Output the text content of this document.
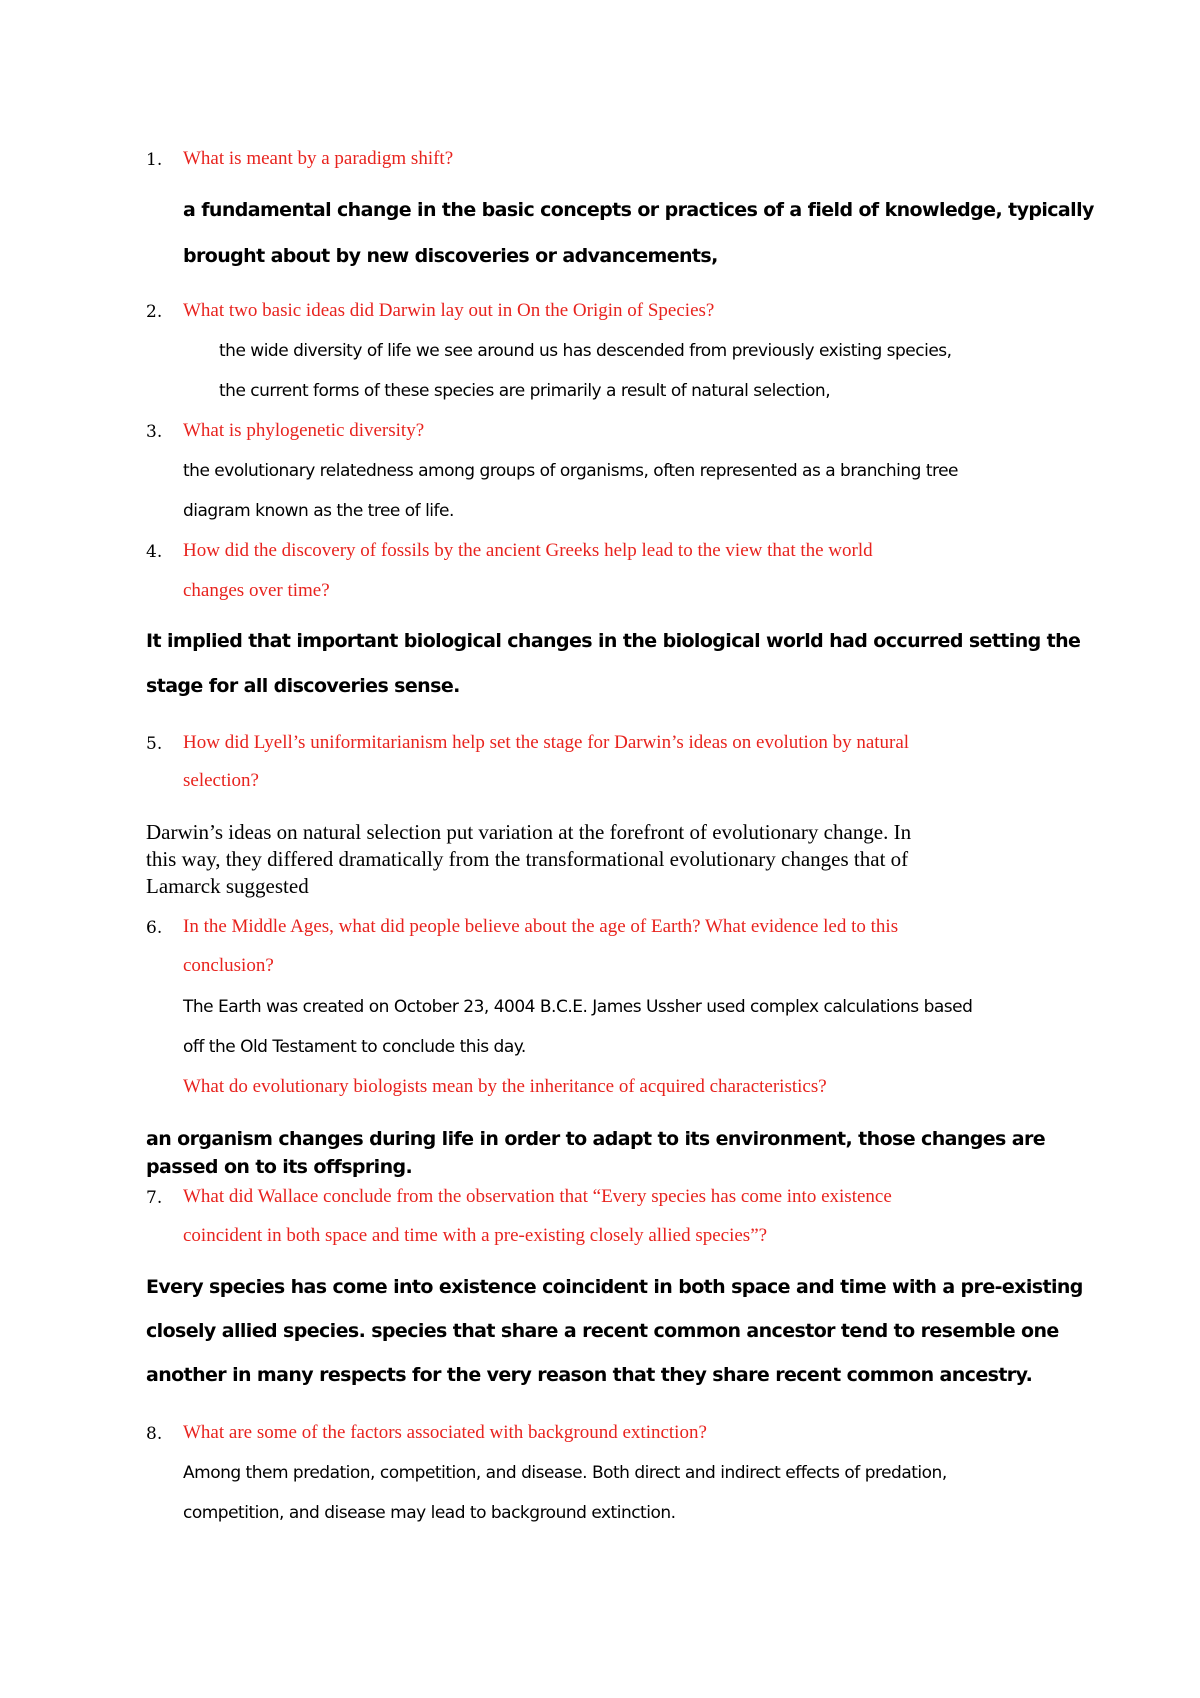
1. What is meant by a paradigm shift?
a fundamental change in the basic concepts or practices of a field of knowledge, typically
brought about by new discoveries or advancements,
2. What two basic ideas did Darwin lay out in On the Origin of Species?
the wide diversity of life we see around us has descended from previously existing species,
the current forms of these species are primarily a result of natural selection,
3. What is phylogenetic diversity?
the evolutionary relatedness among groups of organisms, often represented as a branching tree
diagram known as the tree of life.
4. How did the discovery of fossils by the ancient Greeks help lead to the view that the world
changes over time?
It implied that important biological changes in the biological world had occurred setting the
stage for all discoveries sense.
5. How did Lyell’s uniformitarianism help set the stage for Darwin’s ideas on evolution by natural
selection?
Darwin’s ideas on natural selection put variation at the forefront of evolutionary change. In
this way, they differed dramatically from the transformational evolutionary changes that of
Lamarck suggested
6. In the Middle Ages, what did people believe about the age of Earth? What evidence led to this
conclusion?
The Earth was created on October 23, 4004 B.C.E. James Ussher used complex calculations based
off the Old Testament to conclude this day.
What do evolutionary biologists mean by the inheritance of acquired characteristics?
an organism changes during life in order to adapt to its environment, those changes are
passed on to its offspring.
7. What did Wallace conclude from the observation that “Every species has come into existence
coincident in both space and time with a pre-existing closely allied species”?
Every species has come into existence coincident in both space and time with a pre-existing
closely allied species. species that share a recent common ancestor tend to resemble one
another in many respects for the very reason that they share recent common ancestry.
8. What are some of the factors associated with background extinction?
Among them predation, competition, and disease. Both direct and indirect effects of predation,
competition, and disease may lead to background extinction.
